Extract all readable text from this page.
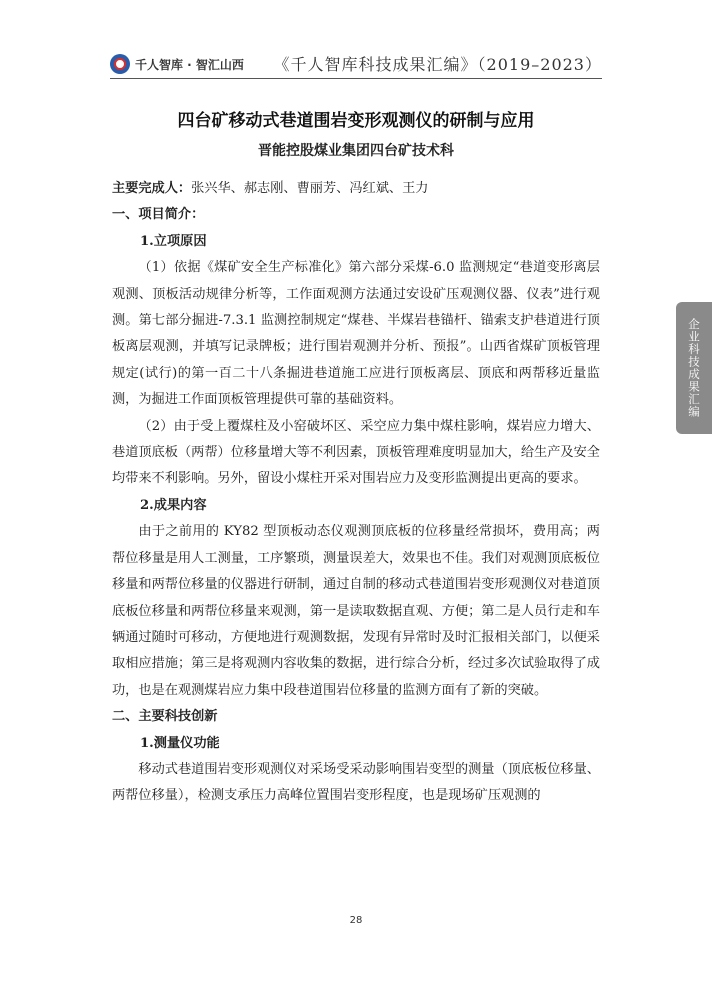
千人智库 · 智汇山西 《千人智库科技成果汇编》（2019–2023）
四台矿移动式巷道围岩变形观测仪的研制与应用
晋能控股煤业集团四台矿技术科

主要完成人：张兴华、郝志刚、曹丽芳、冯红斌、王力

一、项目简介：

1.立项原因

（1）依据《煤矿安全生产标准化》第六部分采煤-6.0 监测规定“巷道变形离层观测、顶板活动规律分析等，工作面观测方法通过安设矿压观测仪器、仪表”进行观测。第七部分掘进-7.3.1 监测控制规定“煤巷、半煤岩巷锚杆、锚索支护巷道进行顶板离层观测，并填写记录牌板；进行围岩观测并分析、预报”。山西省煤矿顶板管理规定(试行)的第一百二十八条掘进巷道施工应进行顶板离层、顶底和两帮移近量监测，为掘进工作面顶板管理提供可靠的基础资料。

（2）由于受上覆煤柱及小窑破坏区、采空应力集中煤柱影响，煤岩应力增大、巷道顶底板（两帮）位移量增大等不利因素，顶板管理难度明显加大，给生产及安全均带来不利影响。另外，留设小煤柱开采对围岩应力及变形监测提出更高的要求。

2.成果内容

由于之前用的 KY82 型顶板动态仪观测顶底板的位移量经常损坏，费用高；两帮位移量是用人工测量，工序繁琐，测量误差大，效果也不佳。我们对观测顶底板位移量和两帮位移量的仪器进行研制，通过自制的移动式巷道围岩变形观测仪对巷道顶底板位移量和两帮位移量来观测，第一是读取数据直观、方便；第二是人员行走和车辆通过随时可移动，方便地进行观测数据，发现有异常时及时汇报相关部门，以便采取相应措施；第三是将观测内容收集的数据，进行综合分析，经过多次试验取得了成功，也是在观测煤岩应力集中段巷道围岩位移量的监测方面有了新的突破。

二、主要科技创新

1.测量仪功能

移动式巷道围岩变形观测仪对采场受采动影响围岩变型的测量（顶底板位移量、两帮位移量），检测支承压力高峰位置围岩变形程度，也是现场矿压观测的

企业科技成果汇编
28
